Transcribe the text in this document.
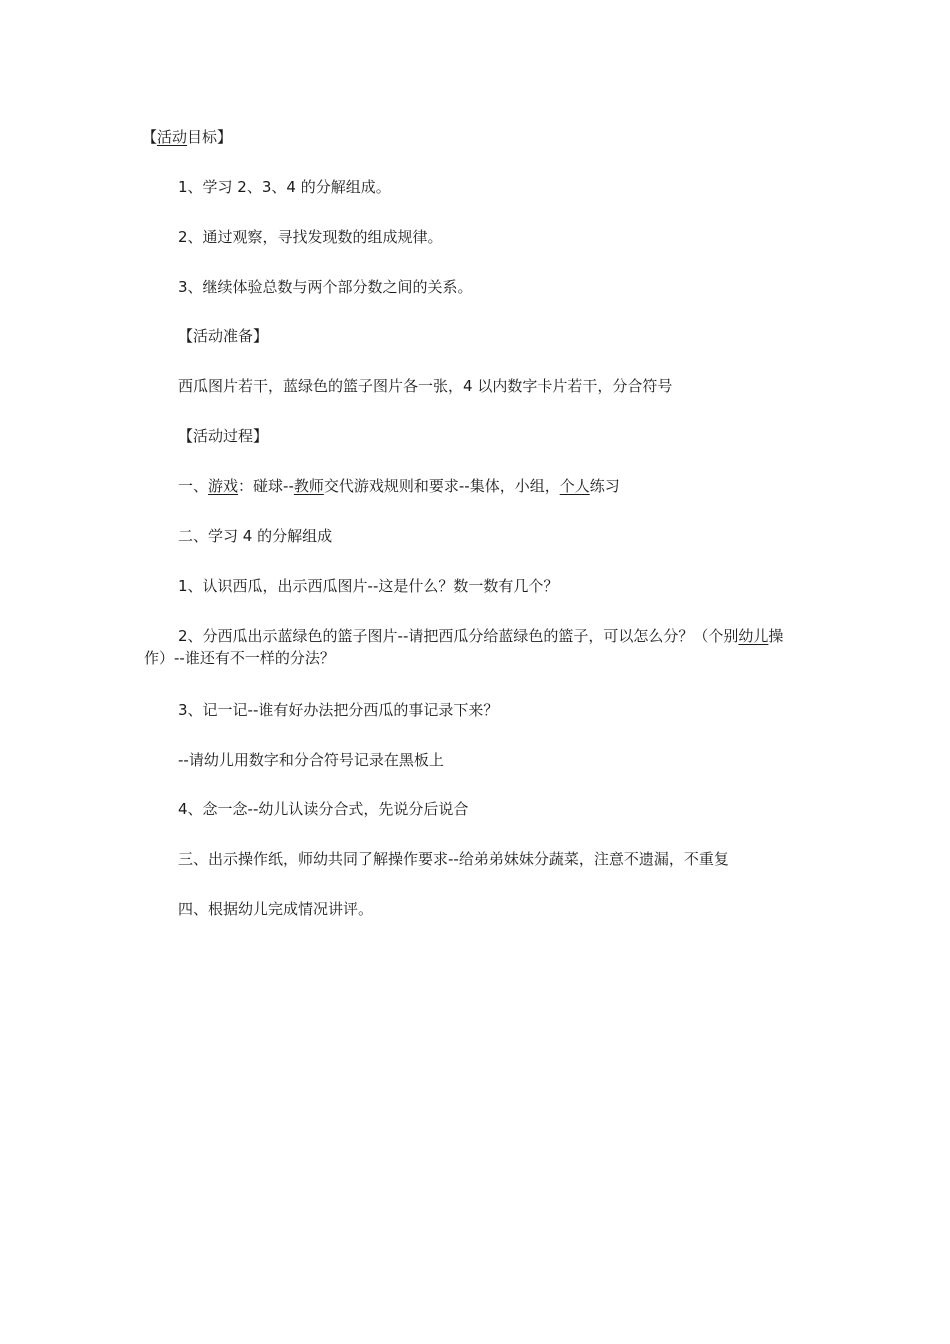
【活动目标】

1、学习 2、3、4 的分解组成。

2、通过观察，寻找发现数的组成规律。

3、继续体验总数与两个部分数之间的关系。

【活动准备】

西瓜图片若干，蓝绿色的篮子图片各一张，4 以内数字卡片若干，分合符号

【活动过程】

一、游戏：碰球--教师交代游戏规则和要求--集体，小组，个人练习

二、学习 4 的分解组成

1、认识西瓜，出示西瓜图片--这是什么？数一数有几个？

2、分西瓜出示蓝绿色的篮子图片--请把西瓜分给蓝绿色的篮子，可以怎么分？（个别幼儿操作）--谁还有不一样的分法？

3、记一记--谁有好办法把分西瓜的事记录下来？

--请幼儿用数字和分合符号记录在黑板上

4、念一念--幼儿认读分合式，先说分后说合

三、出示操作纸，师幼共同了解操作要求--给弟弟妹妹分蔬菜，注意不遗漏，不重复

四、根据幼儿完成情况讲评。
